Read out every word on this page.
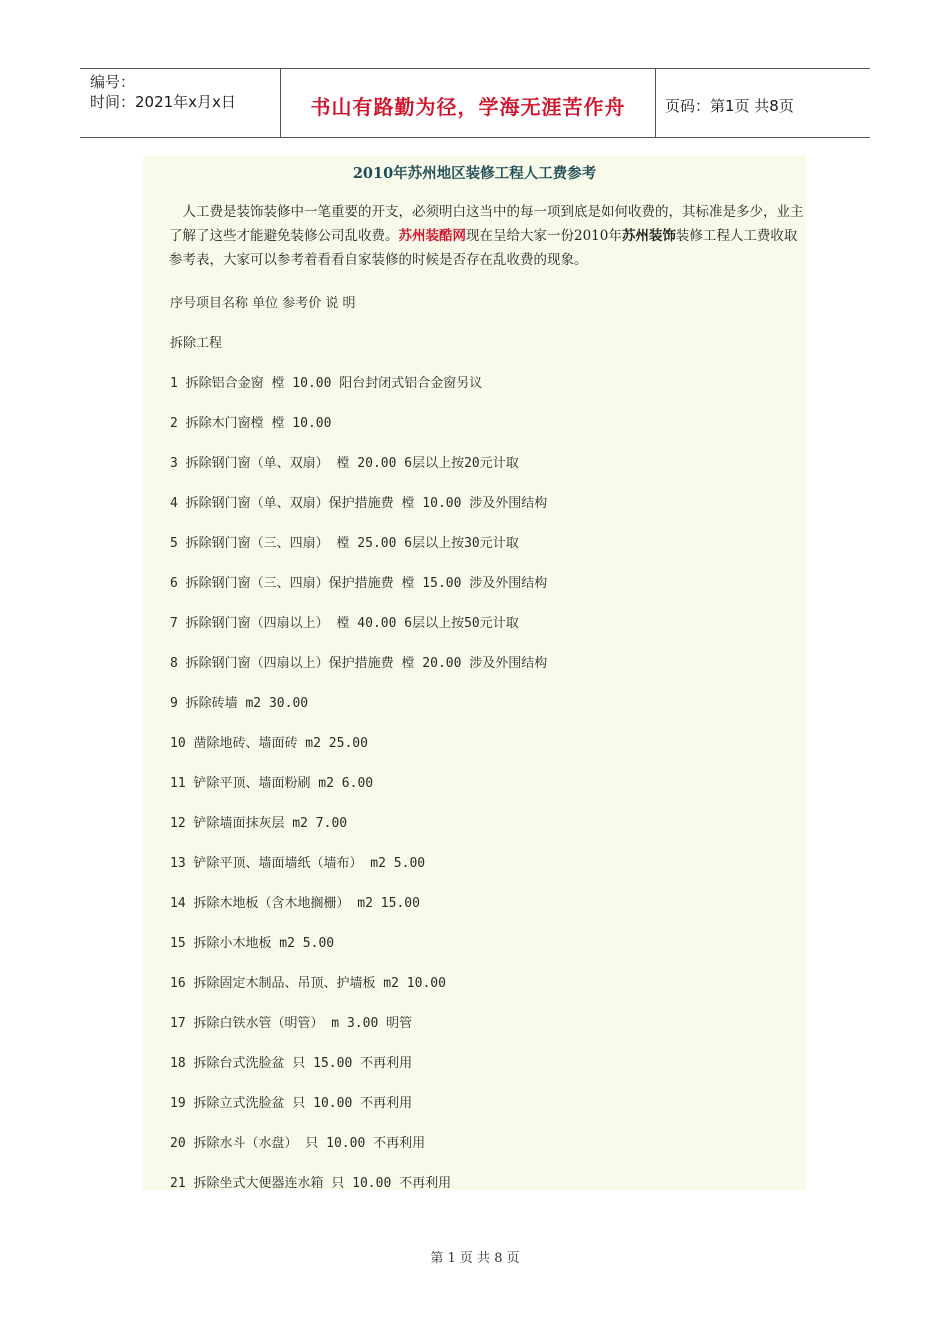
编号：
时间：2021年x月x日	书山有路勤为径，学海无涯苦作舟	页码：第1页 共8页
2010年苏州地区装修工程人工费参考

　人工费是装饰装修中一笔重要的开支，必须明白这当中的每一项到底是如何收费的，其标准是多少，业主了解了这些才能避免装修公司乱收费。苏州装酷网现在呈给大家一份2010年苏州装饰装修工程人工费收取参考表，大家可以参考着看看自家装修的时候是否存在乱收费的现象。

序号项目名称 单位 参考价 说 明
拆除工程
1 拆除铝合金窗 樘 10.00 阳台封闭式铝合金窗另议
2 拆除木门窗樘 樘 10.00
3 拆除钢门窗（单、双扇） 樘 20.00 6层以上按20元计取
4 拆除钢门窗（单、双扇）保护措施费 樘 10.00 涉及外围结构
5 拆除钢门窗（三、四扇） 樘 25.00 6层以上按30元计取
6 拆除钢门窗（三、四扇）保护措施费 樘 15.00 涉及外围结构
7 拆除钢门窗（四扇以上） 樘 40.00 6层以上按50元计取
8 拆除钢门窗（四扇以上）保护措施费 樘 20.00 涉及外围结构
9 拆除砖墙 m2 30.00
10 凿除地砖、墙面砖 m2 25.00
11 铲除平顶、墙面粉刷 m2 6.00
12 铲除墙面抹灰层 m2 7.00
13 铲除平顶、墙面墙纸（墙布） m2 5.00
14 拆除木地板（含木地搁栅） m2 15.00
15 拆除小木地板 m2 5.00
16 拆除固定木制品、吊顶、护墙板 m2 10.00
17 拆除白铁水管（明管） m 3.00 明管
18 拆除台式洗脸盆 只 15.00 不再利用
19 拆除立式洗脸盆 只 10.00 不再利用
20 拆除水斗（水盘） 只 10.00 不再利用
21 拆除坐式大便器连水箱 只 10.00 不再利用
第 1 页 共 8 页
